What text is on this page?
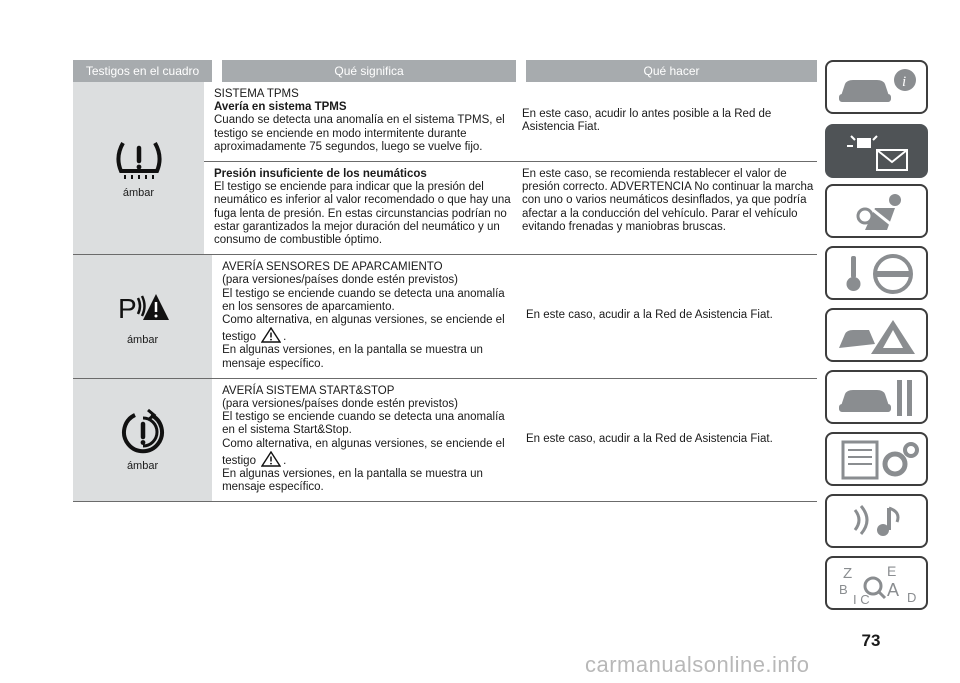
Testigos en el cuadro	Qué significa	Qué hacer
ámbar

SISTEMA TPMS

Avería en sistema TPMS

Cuando se detecta una anomalía en el sistema TPMS, el testigo se enciende en modo intermitente durante aproximadamente 75 segundos, luego se vuelve fijo.

En este caso, acudir lo antes posible a la Red de Asistencia Fiat.

Presión insuficiente de los neumáticos

El testigo se enciende para indicar que la presión del neumático es inferior al valor recomendado o que hay una fuga lenta de presión. En estas circunstancias podrían no estar garantizados la mejor duración del neumático y un consumo de combustible óptimo.

En este caso, se recomienda restablecer el valor de presión correcto. ADVERTENCIA No continuar la marcha con uno o varios neumáticos desinflados, ya que podría afectar a la conducción del vehículo. Parar el vehículo evitando frenadas y maniobras bruscas.
P
ámbar

AVERÍA SENSORES DE APARCAMIENTO

(para versiones/países donde estén previstos)

El testigo se enciende cuando se detecta una anomalía en los sensores de aparcamiento.

Como alternativa, en algunas versiones, se enciende el testigo .

En algunas versiones, en la pantalla se muestra un mensaje específico.

En este caso, acudir a la Red de Asistencia Fiat.
ámbar

AVERÍA SISTEMA START&STOP

(para versiones/países donde estén previstos)

El testigo se enciende cuando se detecta una anomalía en el sistema Start&Stop.

Como alternativa, en algunas versiones, se enciende el testigo .

En algunas versiones, en la pantalla se muestra un mensaje específico.

En este caso, acudir a la Red de Asistencia Fiat.
i
Z E
B A D
I C
73
carmanualsonline.info
